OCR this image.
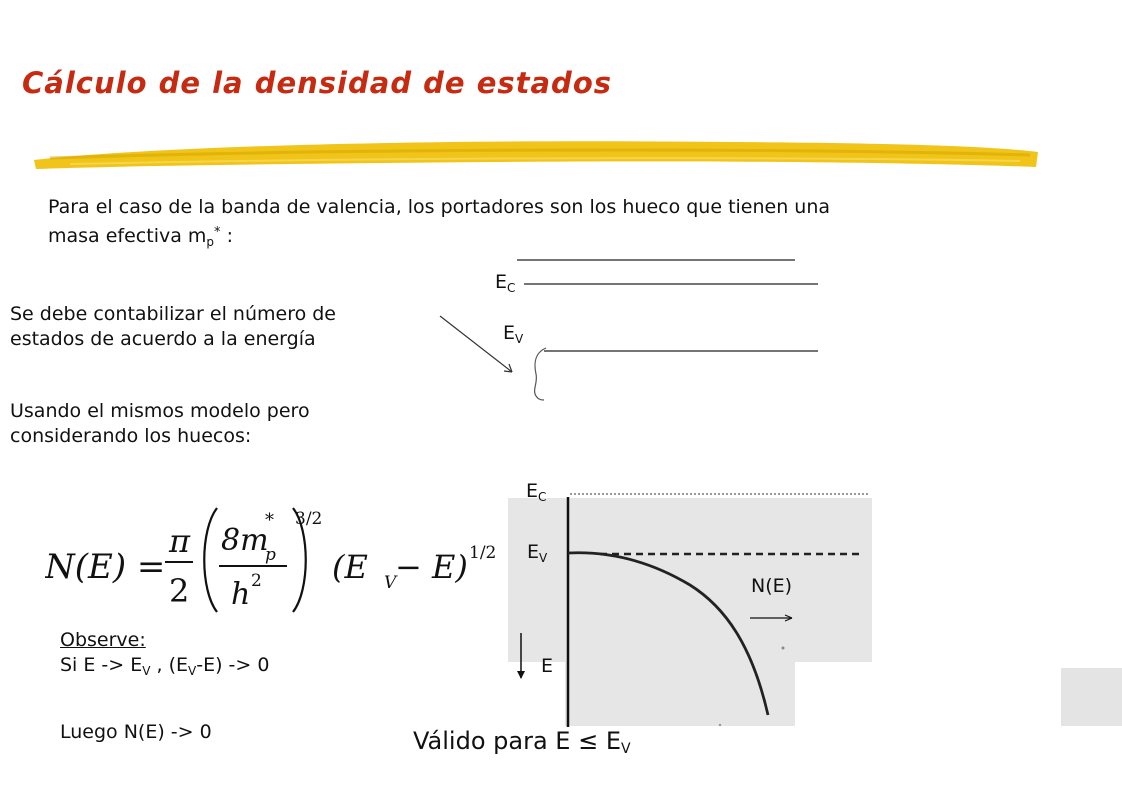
Cálculo de la densidad de estados
Para el caso de la banda de valencia, los portadores son los hueco que tienen una
masa efectiva $m_p^*$ :
Se debe contabilizar el número de
estados de acuerdo a la energía
Usando el mismos modelo pero
considerando los huecos:
$E_C$
$E_V$
N(E) =
π
2
8m
*
p
h 2
3/2
(E V
− E) 1/2
Observe:
Si $E -> E_V$ , $(E_V-E) -> 0$
Luego N(E) -> 0
$E_C$
$E_V$
N(E)
E
Válido para $E \le E_V$
